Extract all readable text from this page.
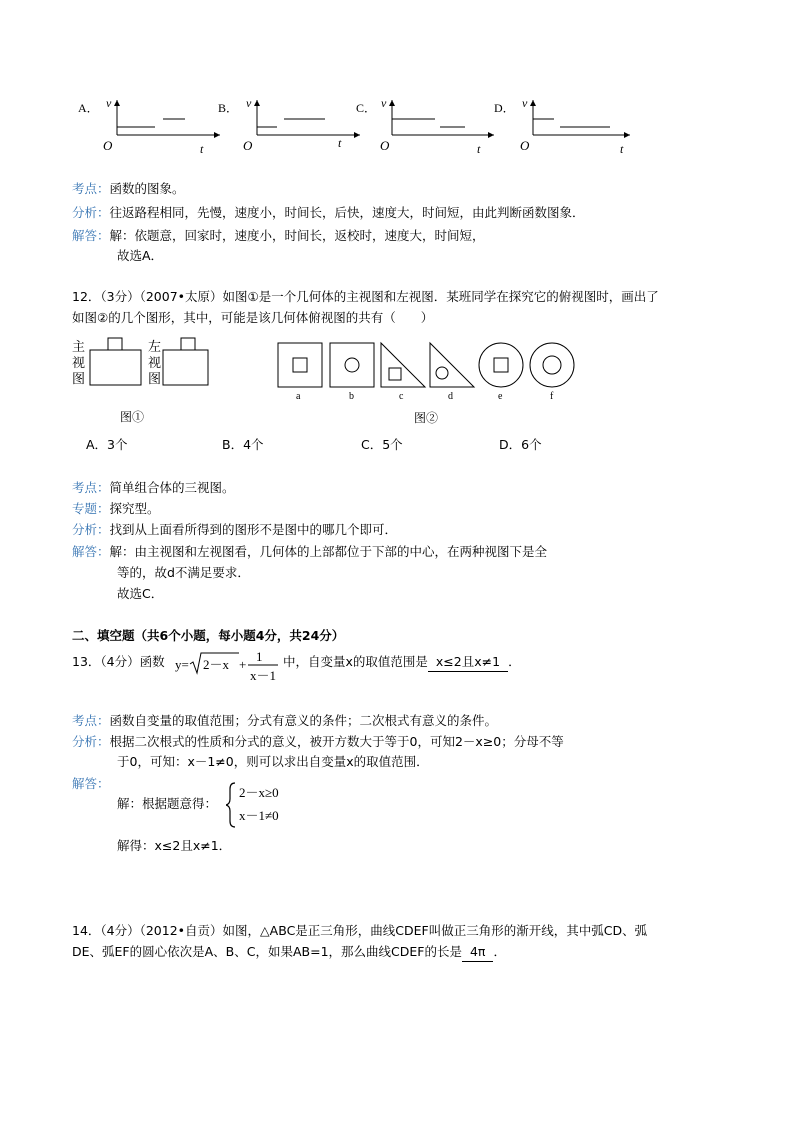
A． v
O	t
B． v
O	t
C． v
O	t
D． v
O	t
考点：函数的图象。
分析：往返路程相同，先慢，速度小，时间长，后快，速度大，时间短，由此判断函数图象．
解答：解：依题意，回家时，速度小，时间长，返校时，速度大，时间短，
故选A．
12．（3分）（2007•太原）如图①是一个几何体的主视图和左视图．某班同学在探究它的俯视图时，画出了
如图②的几个图形，其中，可能是该几何体俯视图的共有（　　）
主
视
图
左
视
图
图①
a	b	c	d	e	f
图②
A．3个	B．4个	C．5个	D．6个
考点：简单组合体的三视图。
专题：探究型。
分析：找到从上面看所得到的图形不是图中的哪几个即可．
解答：解：由主视图和左视图看，几何体的上部都位于下部的中心，在两种视图下是全
等的，故d不满足要求．
故选C．
二、填空题（共6个小题，每小题4分，共24分）
13．（4分）函数 y= 2－x +
1
x－1
中，自变量x的取值范围是 x≤2且x≠1 ．
考点：函数自变量的取值范围；分式有意义的条件；二次根式有意义的条件。
分析：根据二次根式的性质和分式的意义，被开方数大于等于0，可知2－x≥0；分母不等
于0，可知：x－1≠0，则可以求出自变量x的取值范围．
解答：
解：根据题意得：
2－x≥0
x－1≠0
解得：x≤2且x≠1．
14．（4分）（2012•自贡）如图，△ABC是正三角形，曲线CDEF叫做正三角形的渐开线，其中弧CD、弧
DE、弧EF的圆心依次是A、B、C，如果AB=1，那么曲线CDEF的长是 4π ．
